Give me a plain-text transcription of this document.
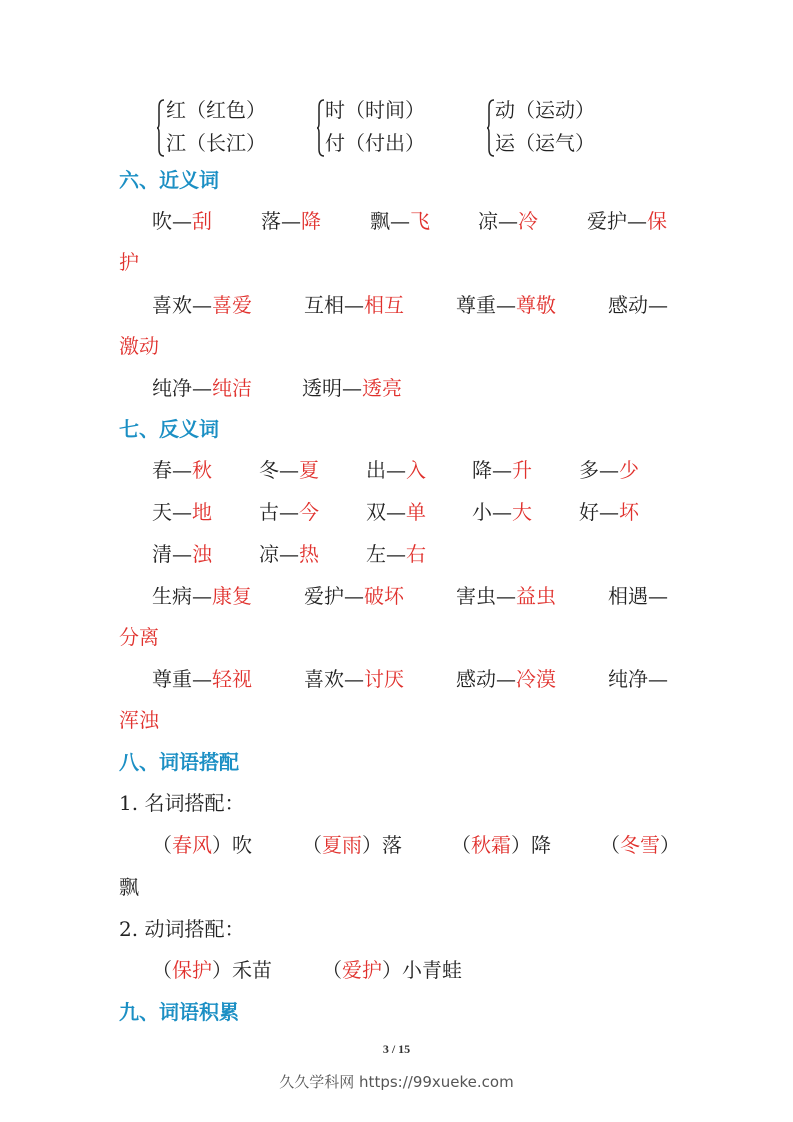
红（红色）
江（长江）
时（时间）
付（付出）
动（运动）
运（运气）
六、近义词
吹—刮 落—降 飘—飞 凉—冷 爱护—保
护
喜欢—喜爱	互相—相互	尊重—尊敬	感动—
激动
纯净—纯洁	透明—透亮
七、反义词
春—秋 冬—夏 出—入 降—升 多—少
天—地 古—今 双—单 小—大 好—坏
清—浊 凉—热 左—右
生病—康复	爱护—破坏	害虫—益虫	相遇—
分离
尊重—轻视	喜欢—讨厌	感动—冷漠	纯净—
浑浊
八、词语搭配
1. 名词搭配：
（春风）吹	（夏雨）落 （秋霜）降 （冬雪）
飘
2. 动词搭配：
（保护）禾苗	（爱护）小青蛙
九、词语积累
3 / 15
久久学科网 https://99xueke.com
